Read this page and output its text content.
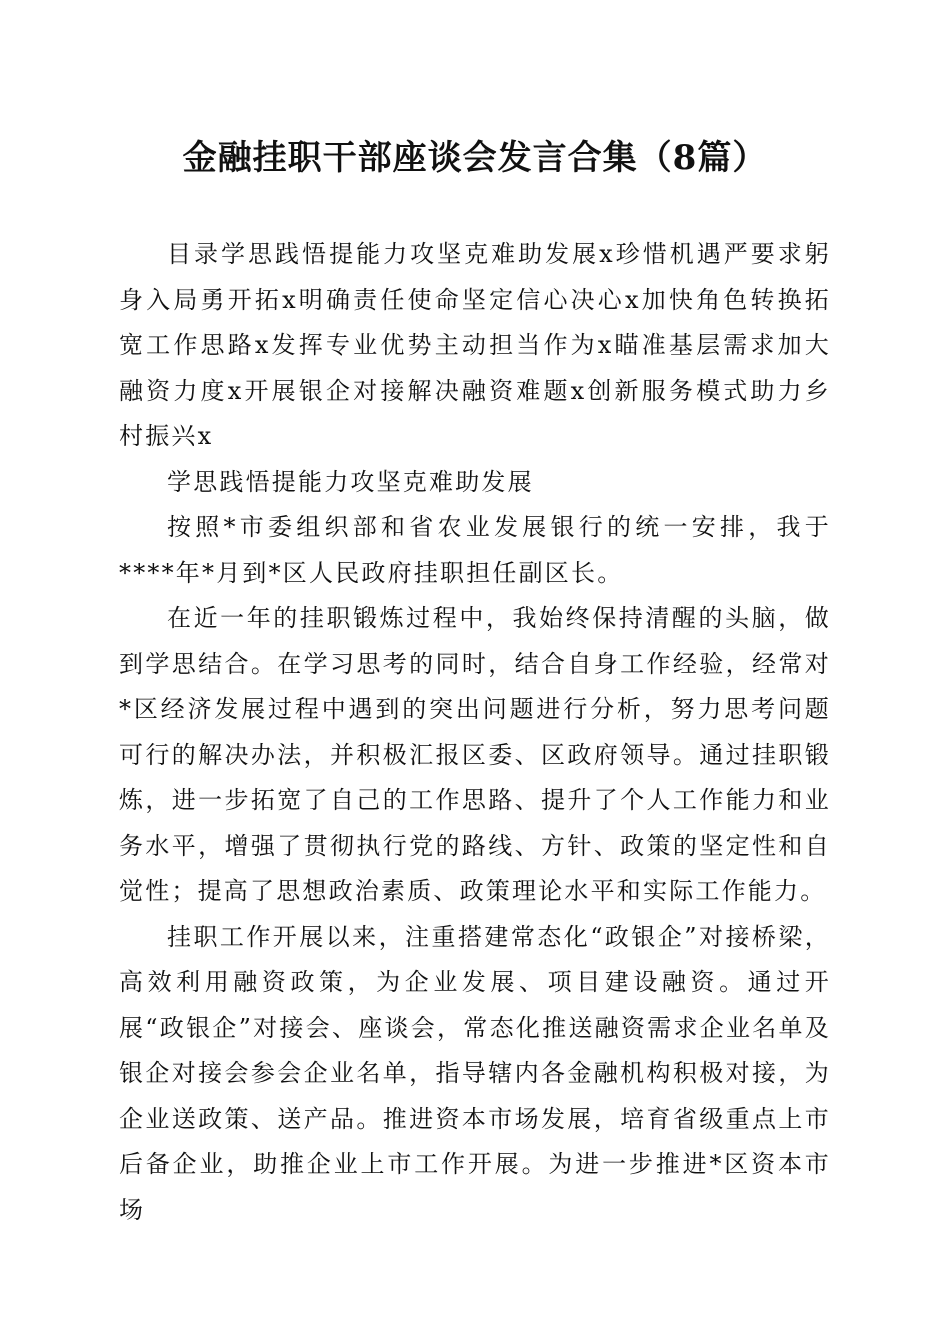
金融挂职干部座谈会发言合集（8篇）

目录学思践悟提能力攻坚克难助发展x珍惜机遇严要求躬身入局勇开拓x明确责任使命坚定信心决心x加快角色转换拓宽工作思路x发挥专业优势主动担当作为x瞄准基层需求加大融资力度x开展银企对接解决融资难题x创新服务模式助力乡村振兴x

学思践悟提能力攻坚克难助发展

按照*市委组织部和省农业发展银行的统一安排，我于****年*月到*区人民政府挂职担任副区长。

在近一年的挂职锻炼过程中，我始终保持清醒的头脑，做到学思结合。在学习思考的同时，结合自身工作经验，经常对*区经济发展过程中遇到的突出问题进行分析，努力思考问题可行的解决办法，并积极汇报区委、区政府领导。通过挂职锻炼，进一步拓宽了自己的工作思路、提升了个人工作能力和业务水平，增强了贯彻执行党的路线、方针、政策的坚定性和自觉性；提高了思想政治素质、政策理论水平和实际工作能力。

挂职工作开展以来，注重搭建常态化“政银企”对接桥梁，高效利用融资政策，为企业发展、项目建设融资。通过开展“政银企”对接会、座谈会，常态化推送融资需求企业名单及银企对接会参会企业名单，指导辖内各金融机构积极对接，为企业送政策、送产品。推进资本市场发展，培育省级重点上市后备企业，助推企业上市工作开展。为进一步推进*区资本市场
